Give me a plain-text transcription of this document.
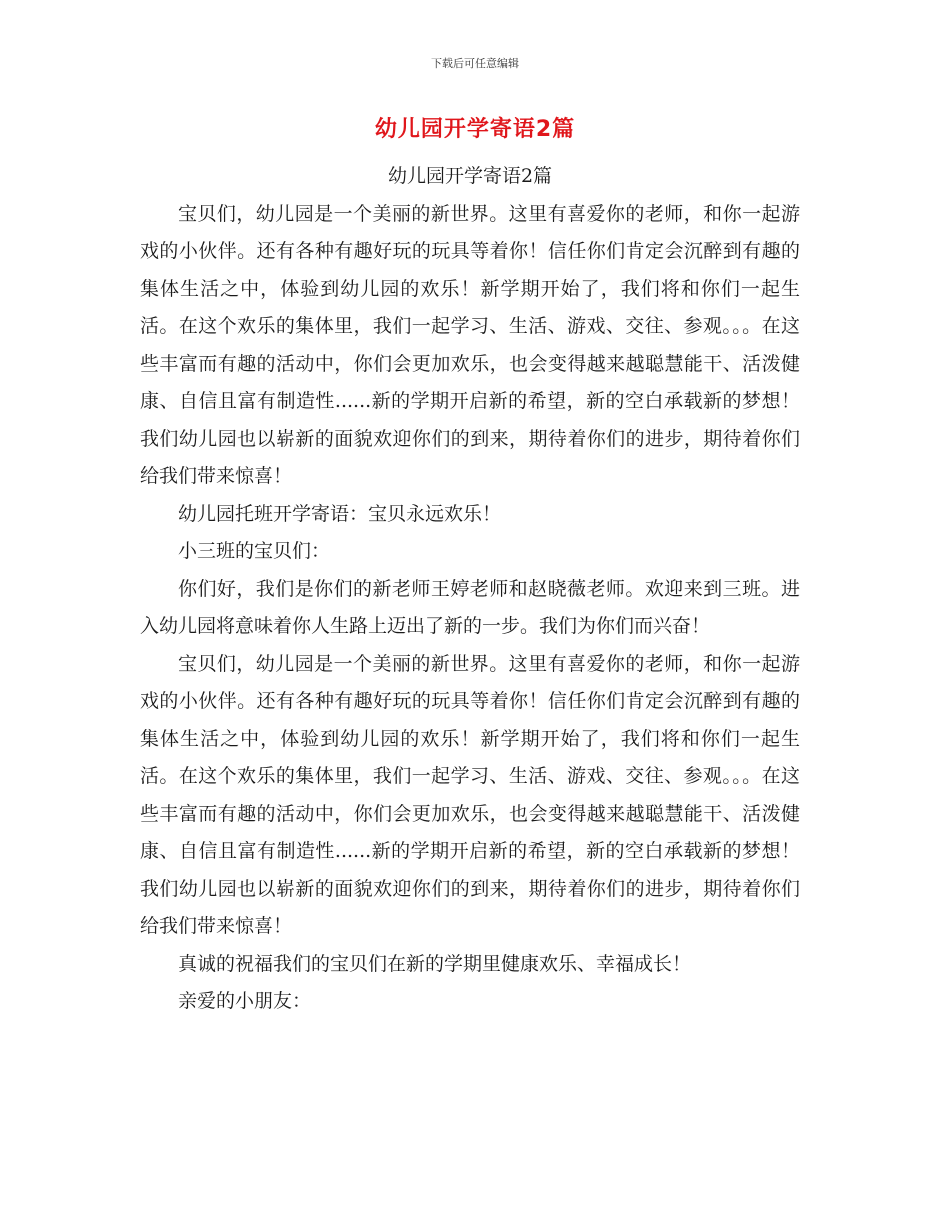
下载后可任意编辑
幼儿园开学寄语2篇

幼儿园开学寄语2篇

宝贝们，幼儿园是一个美丽的新世界。这里有喜爱你的老师，和你一起游戏的小伙伴。还有各种有趣好玩的玩具等着你！信任你们肯定会沉醉到有趣的集体生活之中，体验到幼儿园的欢乐！新学期开始了，我们将和你们一起生活。在这个欢乐的集体里，我们一起学习、生活、游戏、交往、参观。。。在这些丰富而有趣的活动中，你们会更加欢乐，也会变得越来越聪慧能干、活泼健康、自信且富有制造性......新的学期开启新的希望，新的空白承载新的梦想！我们幼儿园也以崭新的面貌欢迎你们的到来，期待着你们的进步，期待着你们给我们带来惊喜！

幼儿园托班开学寄语：宝贝永远欢乐！

小三班的宝贝们：

你们好，我们是你们的新老师王婷老师和赵晓薇老师。欢迎来到三班。进入幼儿园将意味着你人生路上迈出了新的一步。我们为你们而兴奋！

宝贝们，幼儿园是一个美丽的新世界。这里有喜爱你的老师，和你一起游戏的小伙伴。还有各种有趣好玩的玩具等着你！信任你们肯定会沉醉到有趣的集体生活之中，体验到幼儿园的欢乐！新学期开始了，我们将和你们一起生活。在这个欢乐的集体里，我们一起学习、生活、游戏、交往、参观。。。在这些丰富而有趣的活动中，你们会更加欢乐，也会变得越来越聪慧能干、活泼健康、自信且富有制造性......新的学期开启新的希望，新的空白承载新的梦想！我们幼儿园也以崭新的面貌欢迎你们的到来，期待着你们的进步，期待着你们给我们带来惊喜！

真诚的祝福我们的宝贝们在新的学期里健康欢乐、幸福成长！

亲爱的小朋友：
